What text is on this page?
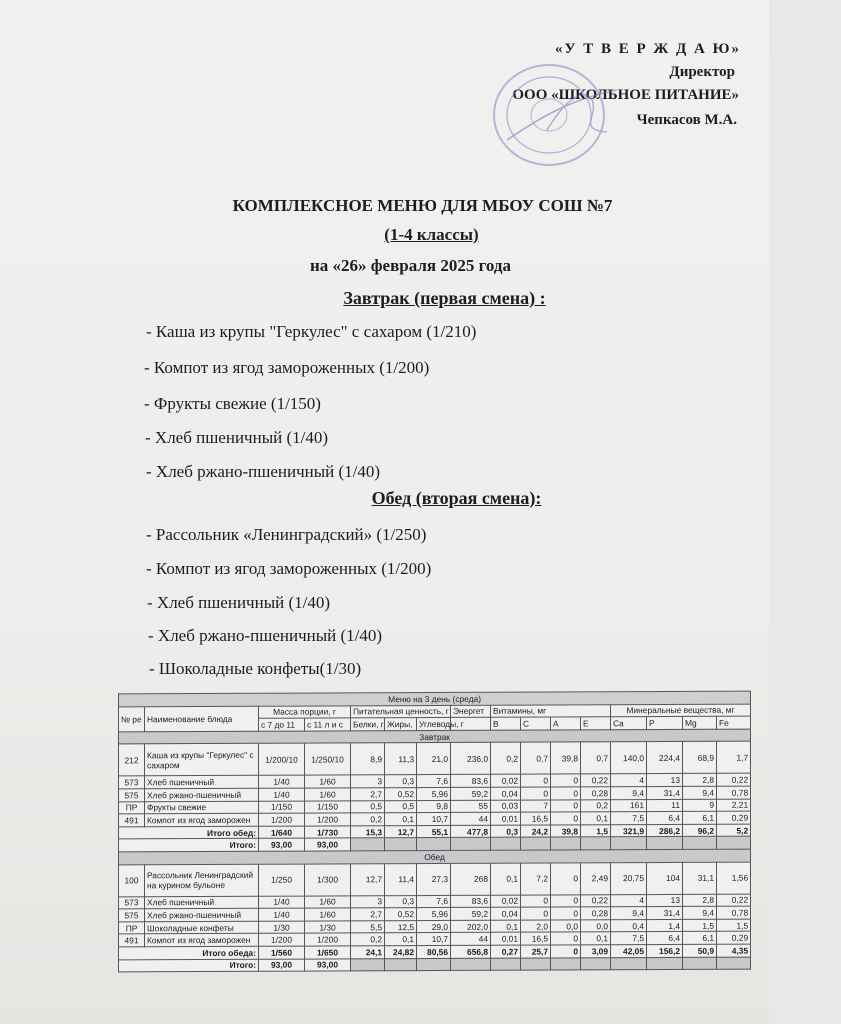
«У Т В Е Р Ж Д А Ю»
Директор
ООО «ШКОЛЬНОЕ ПИТАНИЕ»
Чепкасов М.А.
КОМПЛЕКСНОЕ МЕНЮ ДЛЯ МБОУ СОШ №7
(1-4 классы)
на «26» февраля 2025 года
Завтрак (первая смена) :
- Каша из крупы "Геркулес" с сахаром (1/210)
- Компот из ягод замороженных (1/200)
- Фрукты свежие (1/150)
- Хлеб пшеничный (1/40)
- Хлеб ржано-пшеничный (1/40)
Обед (вторая смена):
- Рассольник «Ленинградский» (1/250)
- Компот из ягод замороженных (1/200)
- Хлеб пшеничный (1/40)
- Хлеб ржано-пшеничный (1/40)
- Шоколадные конфеты(1/30)
Меню на 3 день (среда)															
№ ре	Наименование блюда	Масса порции, г		Питательная ценность, г			Энергет	Витамины, мг				Минеральные вещества, мг			
		с 7 до 11	с 11 л и с	Белки, г	Жиры,	Углеводы, г		B	C	A	E	Ca	P	Mg	Fe
Завтрак															
212	Каша из крупы "Геркулес" с сахаром	1/200/10	1/250/10	8,9	11,3	21,0	236,0	0,2	0,7	39,8	0,7	140,0	224,4	68,9	1,7
573	Хлеб пшеничный	1/40	1/60	3	0,3	7,6	83,6	0,02	0	0	0,22	4	13	2,8	0,22
575	Хлеб ржано-пшеничный	1/40	1/60	2,7	0,52	5,96	59,2	0,04	0	0	0,28	9,4	31,4	9,4	0,78
ПР	Фрукты свежие	1/150	1/150	0,5	0,5	9,8	55	0,03	7	0	0,2	161	11	9	2,21
491	Компот из ягод заморожен	1/200	1/200	0,2	0,1	10,7	44	0,01	16,5	0	0,1	7,5	6,4	6,1	0,29
Итого обед:		1/640	1/730	15,3	12,7	55,1	477,8	0,3	24,2	39,8	1,5	321,9	286,2	96,2	5,2
Итого:		93,00	93,00												
Обед															
100	Рассольник Ленинградский на курином бульоне	1/250	1/300	12,7	11,4	27,3	268	0,1	7,2	0	2,49	20,75	104	31,1	1,56
573	Хлеб пшеничный	1/40	1/60	3	0,3	7,6	83,6	0,02	0	0	0,22	4	13	2,8	0,22
575	Хлеб ржано-пшеничный	1/40	1/60	2,7	0,52	5,96	59,2	0,04	0	0	0,28	9,4	31,4	9,4	0,78
ПР	Шоколадные конфеты	1/30	1/30	5,5	12,5	29,0	202,0	0,1	2,0	0,0	0,0	0,4	1,4	1,5	1,5
491	Компот из ягод заморожен	1/200	1/200	0,2	0,1	10,7	44	0,01	16,5	0	0,1	7,5	6,4	6,1	0,29
Итого обеда:		1/560	1/650	24,1	24,82	80,56	656,8	0,27	25,7	0	3,09	42,05	156,2	50,9	4,35
Итого:		93,00	93,00												
